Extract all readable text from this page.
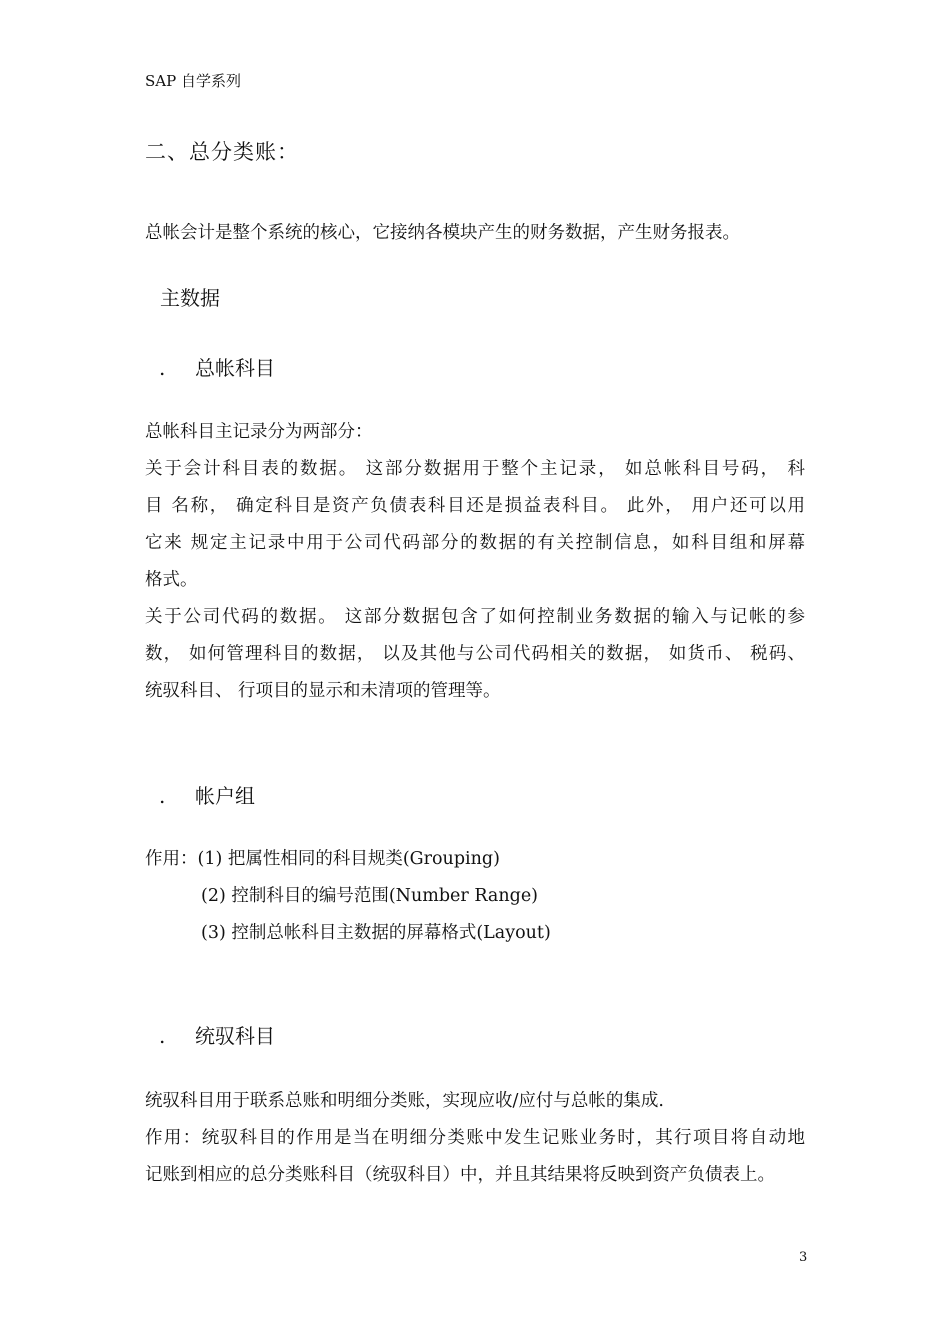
SAP 自学系列
二、总分类账：
总帐会计是整个系统的核心，它接纳各模块产生的财务数据，产生财务报表。
主数据
. 总帐科目
总帐科目主记录分为两部分：
关于会计科目表的数据。 这部分数据用于整个主记录， 如总帐科目号码， 科
目 名称， 确定科目是资产负债表科目还是损益表科目。 此外， 用户还可以用
它来 规定主记录中用于公司代码部分的数据的有关控制信息，如科目组和屏幕
格式。
关于公司代码的数据。 这部分数据包含了如何控制业务数据的输入与记帐的参
数， 如何管理科目的数据， 以及其他与公司代码相关的数据， 如货币、 税码、
统驭科目、 行项目的显示和未清项的管理等。
. 帐户组
作用：(1) 把属性相同的科目规类(Grouping)
(2) 控制科目的编号范围(Number Range)
(3) 控制总帐科目主数据的屏幕格式(Layout)
. 统驭科目
统驭科目用于联系总账和明细分类账，实现应收/应付与总帐的集成.
作用：统驭科目的作用是当在明细分类账中发生记账业务时，其行项目将自动地
记账到相应的总分类账科目（统驭科目）中，并且其结果将反映到资产负债表上。
3
